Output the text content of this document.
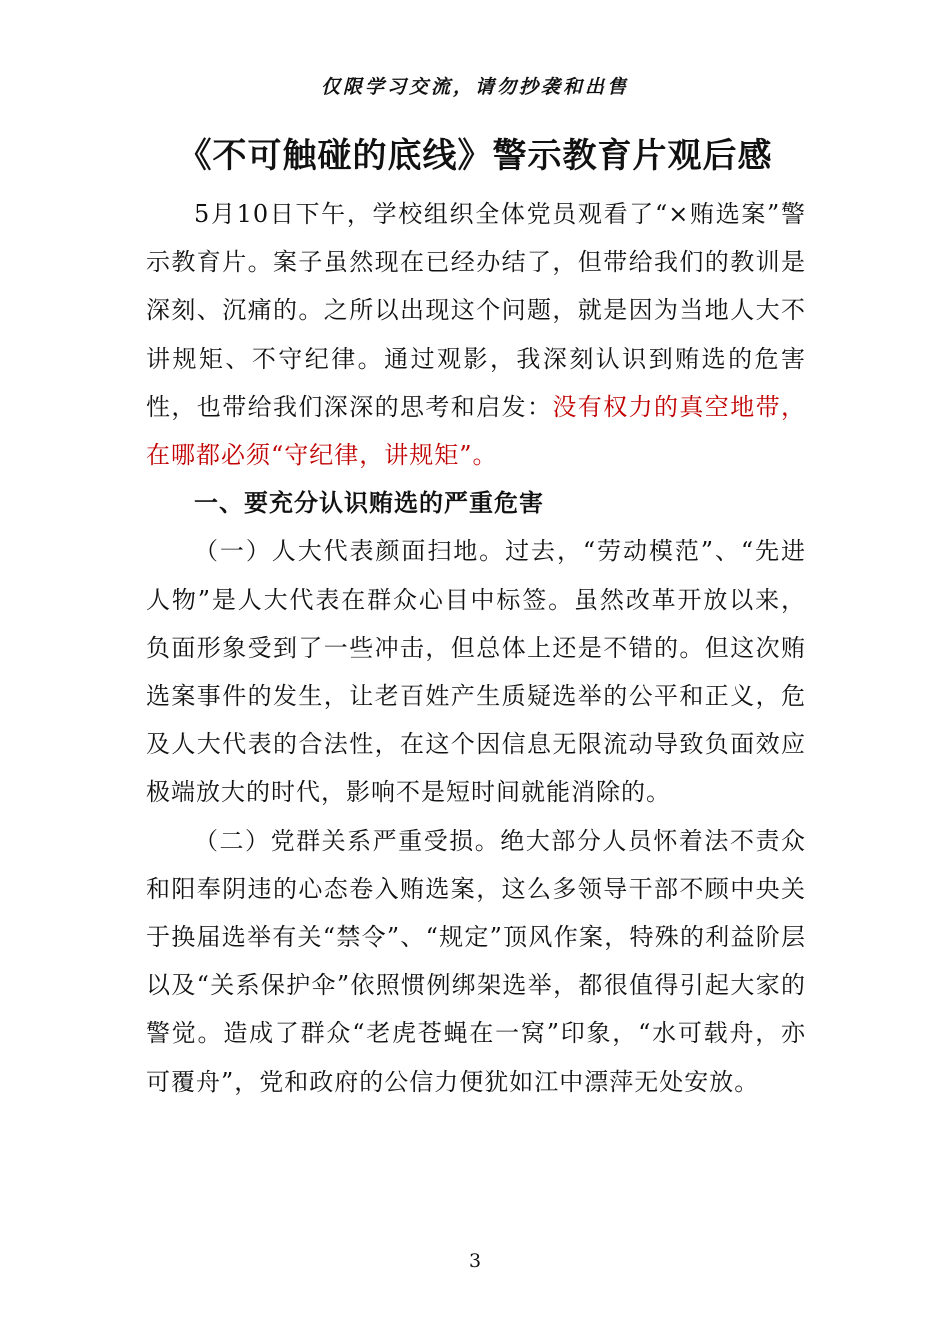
仅限学习交流，请勿抄袭和出售
《不可触碰的底线》警示教育片观后感

5月10日下午，学校组织全体党员观看了“×贿选案”警示教育片。案子虽然现在已经办结了，但带给我们的教训是深刻、沉痛的。之所以出现这个问题，就是因为当地人大不讲规矩、不守纪律。通过观影，我深刻认识到贿选的危害性，也带给我们深深的思考和启发：没有权力的真空地带，在哪都必须“守纪律，讲规矩”。

一、要充分认识贿选的严重危害

（一）人大代表颜面扫地。过去，“劳动模范”、“先进人物”是人大代表在群众心目中标签。虽然改革开放以来，负面形象受到了一些冲击，但总体上还是不错的。但这次贿选案事件的发生，让老百姓产生质疑选举的公平和正义，危及人大代表的合法性，在这个因信息无限流动导致负面效应极端放大的时代，影响不是短时间就能消除的。

（二）党群关系严重受损。绝大部分人员怀着法不责众和阳奉阴违的心态卷入贿选案，这么多领导干部不顾中央关于换届选举有关“禁令”、“规定”顶风作案，特殊的利益阶层以及“关系保护伞”依照惯例绑架选举，都很值得引起大家的警觉。造成了群众“老虎苍蝇在一窝”印象，“水可载舟，亦可覆舟”，党和政府的公信力便犹如江中漂萍无处安放。

3
